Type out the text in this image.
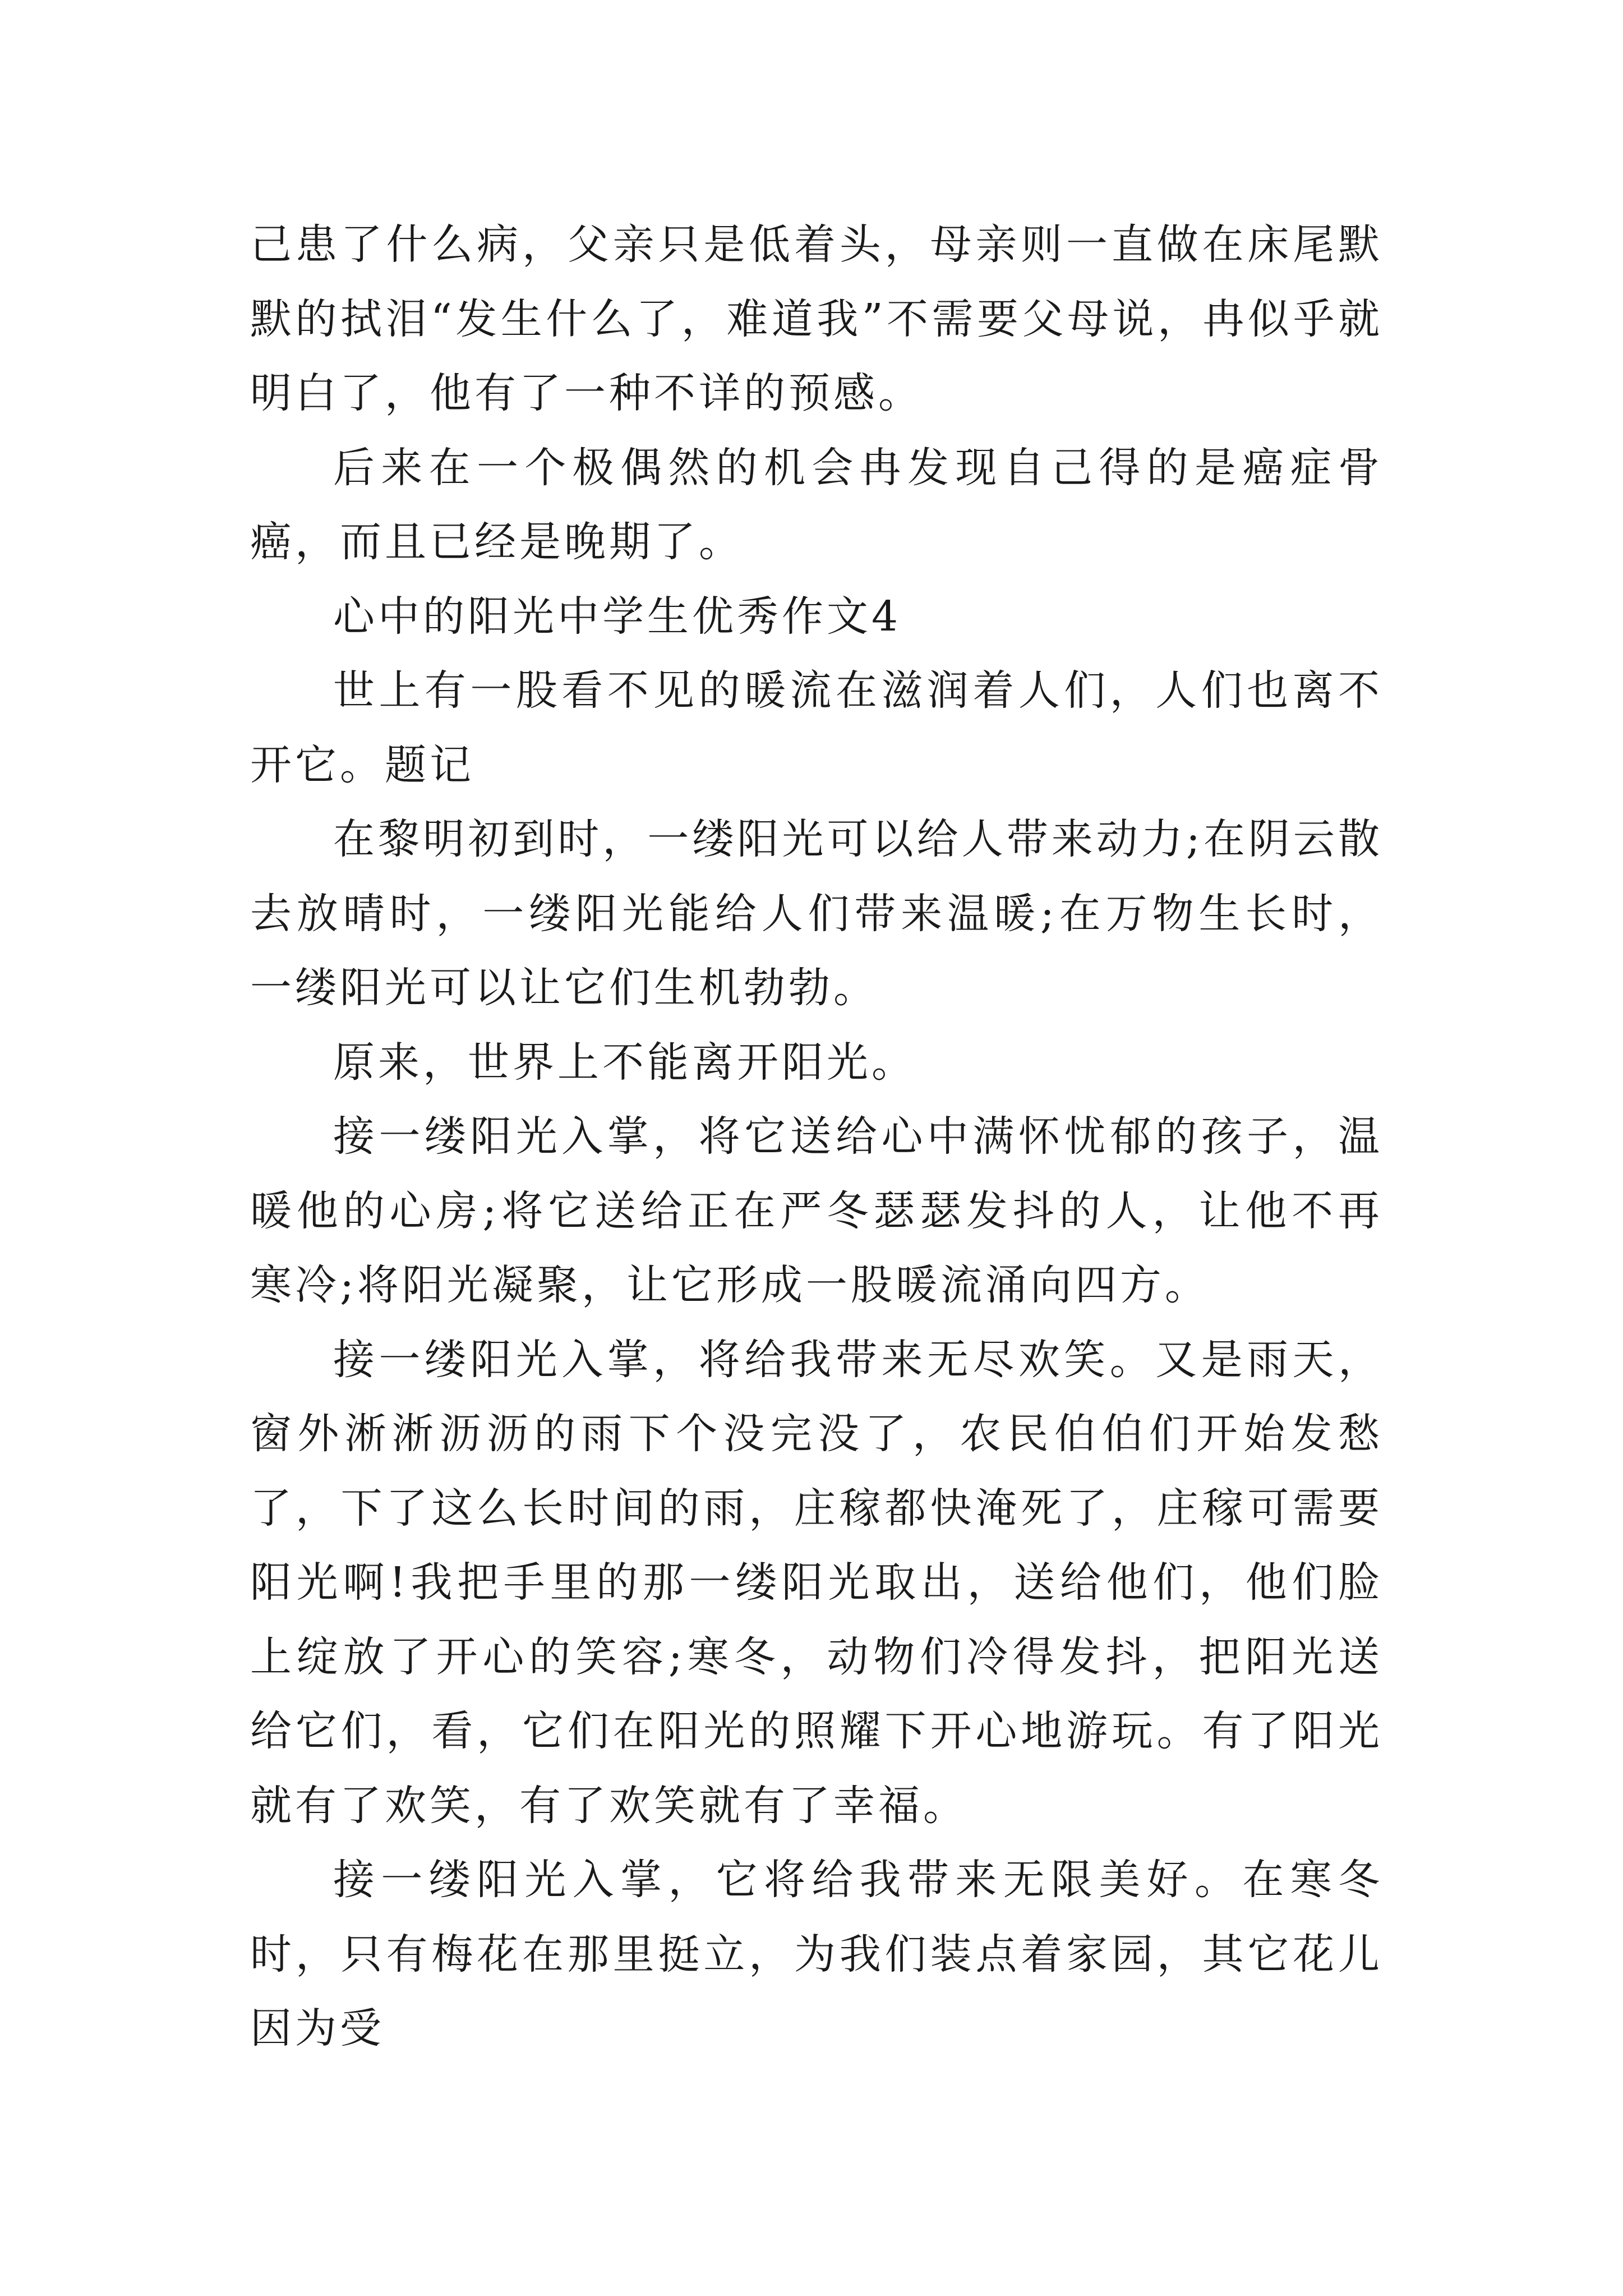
己患了什么病，父亲只是低着头，母亲则一直做在床尾默默的拭泪“发生什么了，难道我”不需要父母说，冉似乎就明白了，他有了一种不详的预感。

后来在一个极偶然的机会冉发现自己得的是癌症骨癌，而且已经是晚期了。

心中的阳光中学生优秀作文4

世上有一股看不见的暖流在滋润着人们，人们也离不开它。题记

在黎明初到时，一缕阳光可以给人带来动力;在阴云散去放晴时，一缕阳光能给人们带来温暖;在万物生长时，一缕阳光可以让它们生机勃勃。

原来，世界上不能离开阳光。

接一缕阳光入掌，将它送给心中满怀忧郁的孩子，温暖他的心房;将它送给正在严冬瑟瑟发抖的人，让他不再寒冷;将阳光凝聚，让它形成一股暖流涌向四方。

接一缕阳光入掌，将给我带来无尽欢笑。又是雨天，窗外淅淅沥沥的雨下个没完没了，农民伯伯们开始发愁了，下了这么长时间的雨，庄稼都快淹死了，庄稼可需要阳光啊!我把手里的那一缕阳光取出，送给他们，他们脸上绽放了开心的笑容;寒冬，动物们冷得发抖，把阳光送给它们，看，它们在阳光的照耀下开心地游玩。有了阳光就有了欢笑，有了欢笑就有了幸福。

接一缕阳光入掌，它将给我带来无限美好。在寒冬时，只有梅花在那里挺立，为我们装点着家园，其它花儿因为受
